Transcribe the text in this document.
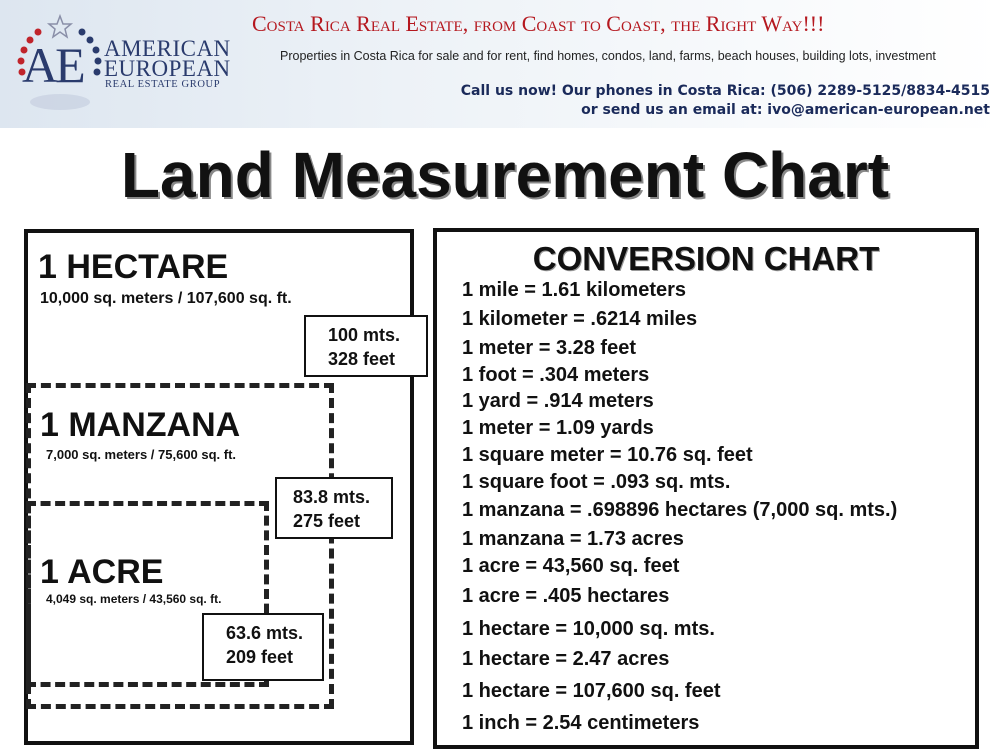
AE AMERICAN
EUROPEAN
REAL ESTATE GROUP
Costa Rica Real Estate, from Coast to Coast, the Right Way!!!
Properties in Costa Rica for sale and for rent, find homes, condos, land, farms, beach houses, building lots, investment
Call us now! Our phones in Costa Rica: (506) 2289-5125/8834-4515
or send us an email at: ivo@american-european.net
Land Measurement Chart
1 HECTARE
10,000 sq. meters / 107,600 sq. ft.
100 mts.
328 feet
1 MANZANA
7,000 sq. meters / 75,600 sq. ft.
83.8 mts.
275 feet
1 ACRE
4,049 sq. meters / 43,560 sq. ft.
63.6 mts.
209 feet
CONVERSION CHART
1 mile = 1.61 kilometers
1 kilometer = .6214 miles
1 meter = 3.28 feet
1 foot = .304 meters
1 yard = .914 meters
1 meter = 1.09 yards
1 square meter = 10.76 sq. feet
1 square foot = .093 sq. mts.
1 manzana = .698896 hectares (7,000 sq. mts.)
1 manzana = 1.73 acres
1 acre = 43,560 sq. feet
1 acre = .405 hectares
1 hectare = 10,000 sq. mts.
1 hectare = 2.47 acres
1 hectare = 107,600 sq. feet
1 inch = 2.54 centimeters
